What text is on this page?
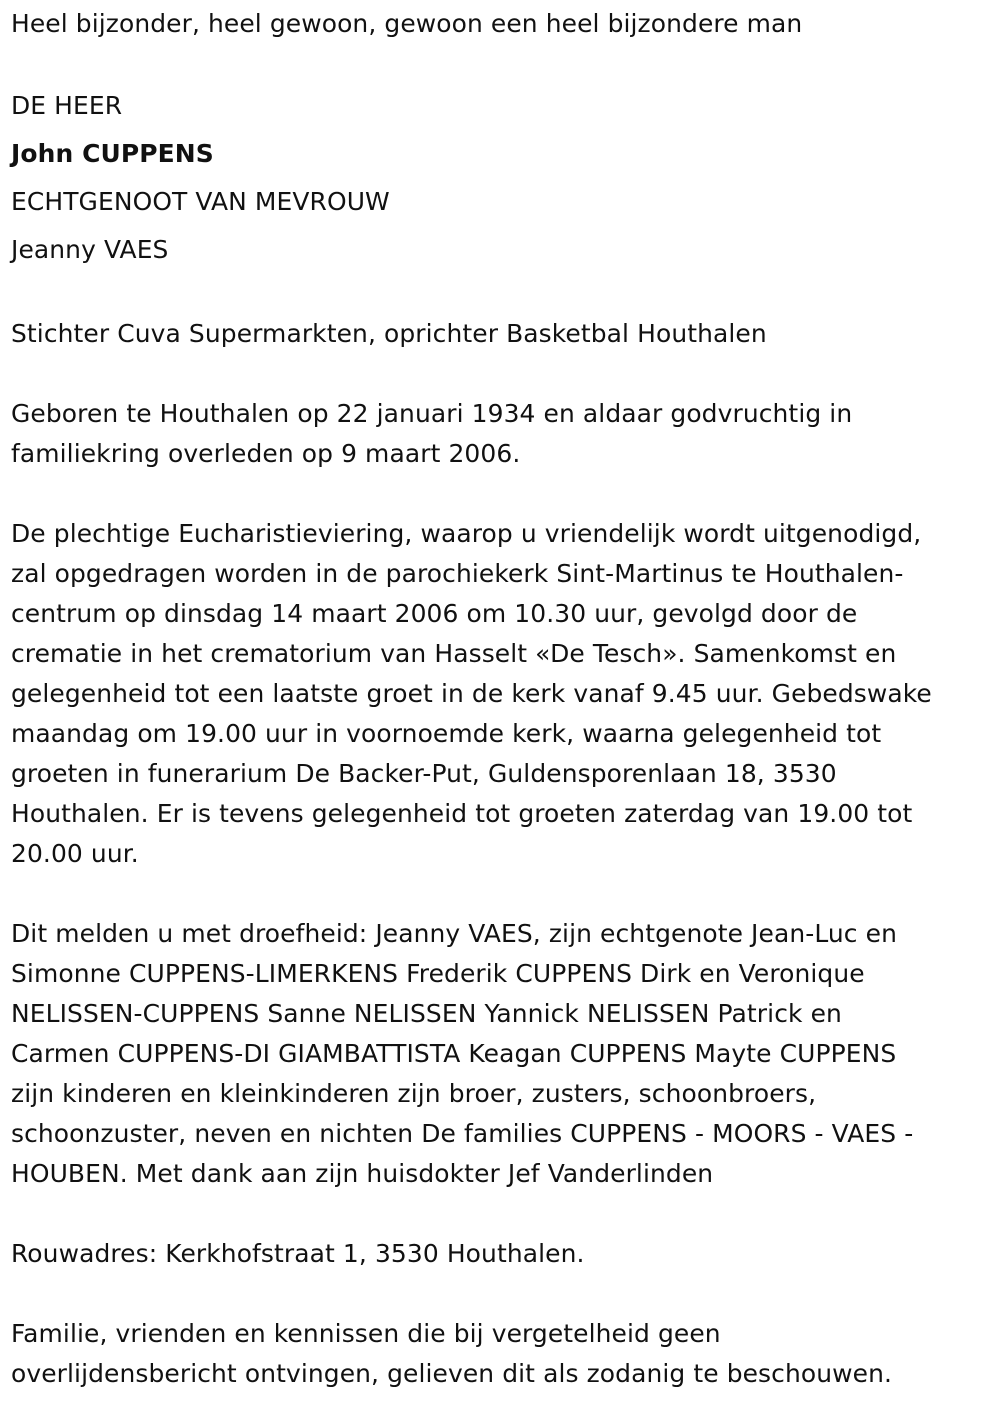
Heel bijzonder, heel gewoon, gewoon een heel bijzondere man
DE HEER
John CUPPENS
ECHTGENOOT VAN MEVROUW
Jeanny VAES
Stichter Cuva Supermarkten, oprichter Basketbal Houthalen
Geboren te Houthalen op 22 januari 1934 en aldaar godvruchtig in
familiekring overleden op 9 maart 2006.
De plechtige Eucharistieviering, waarop u vriendelijk wordt uitgenodigd,
zal opgedragen worden in de parochiekerk Sint-Martinus te Houthalen-
centrum op dinsdag 14 maart 2006 om 10.30 uur, gevolgd door de
crematie in het crematorium van Hasselt «De Tesch». Samenkomst en
gelegenheid tot een laatste groet in de kerk vanaf 9.45 uur. Gebedswake
maandag om 19.00 uur in voornoemde kerk, waarna gelegenheid tot
groeten in funerarium De Backer-Put, Guldensporenlaan 18, 3530
Houthalen. Er is tevens gelegenheid tot groeten zaterdag van 19.00 tot
20.00 uur.
Dit melden u met droefheid: Jeanny VAES, zijn echtgenote Jean-Luc en
Simonne CUPPENS-LIMERKENS Frederik CUPPENS Dirk en Veronique
NELISSEN-CUPPENS Sanne NELISSEN Yannick NELISSEN Patrick en
Carmen CUPPENS-DI GIAMBATTISTA Keagan CUPPENS Mayte CUPPENS
zijn kinderen en kleinkinderen zijn broer, zusters, schoonbroers,
schoonzuster, neven en nichten De families CUPPENS - MOORS - VAES -
HOUBEN. Met dank aan zijn huisdokter Jef Vanderlinden
Rouwadres: Kerkhofstraat 1, 3530 Houthalen.
Familie, vrienden en kennissen die bij vergetelheid geen
overlijdensbericht ontvingen, gelieven dit als zodanig te beschouwen.
